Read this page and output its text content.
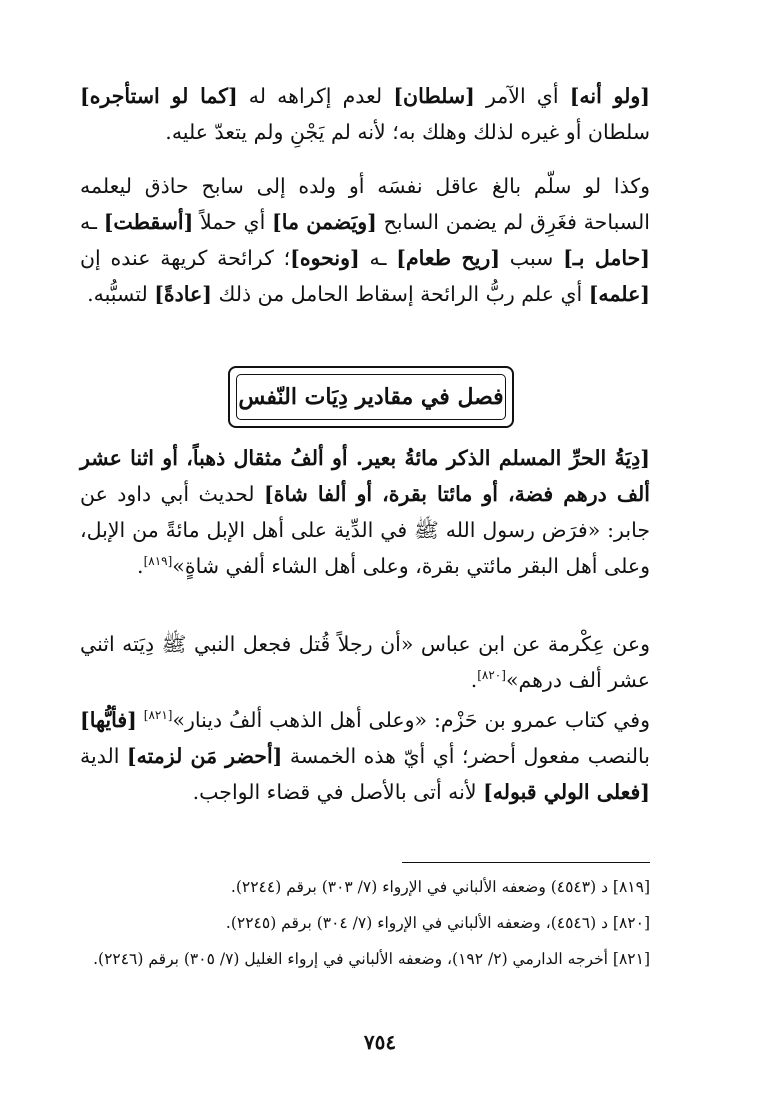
[ولو أنه] أي الآمر [سلطان] لعدم إكراهه له [كما لو استأجره] سلطان أو غيره لذلك وهلك به؛ لأنه لم يَجْنِ ولم يتعدّ عليه.

وكذا لو سلّم بالغ عاقل نفسَه أو ولده إلى سابح حاذق ليعلمه السباحة فغَرِق لم يضمن السابح [ويَضمن ما] أي حملاً [أسقطت] ـه [حامل بـ] سبب [ريح طعام] ـه [ونحوه]؛ كرائحة كريهة عنده إن [علمه] أي علم ربُّ الرائحة إسقاط الحامل من ذلك [عادةً] لتسبُّبه.

فصل في مقادير دِيَات النّفس

[دِيَةُ الحرِّ المسلم الذكر مائةُ بعير. أو ألفُ مثقال ذهباً، أو اثنا عشر ألف درهم فضة، أو مائتا بقرة، أو ألفا شاة] لحديث أبي داود عن جابر: «فرَض رسول الله ﷺ في الدِّية على أهل الإبل مائةً من الإبل، وعلى أهل البقر مائتي بقرة، وعلى أهل الشاء ألفي شاةٍ»[٨١٩].

وعن عِكْرمة عن ابن عباس «أن رجلاً قُتل فجعل النبي ﷺ دِيَته اثني عشر ألف درهم»[٨٢٠].

وفي كتاب عمرو بن حَزْم: «وعلى أهل الذهب ألفُ دينار»[٨٢١] [فأيُّها] بالنصب مفعول أحضر؛ أي أيّ هذه الخمسة [أحضر مَن لزمته] الدية [فعلى الولي قبوله] لأنه أتى بالأصل في قضاء الواجب.

[٨١٩] د (٤٥٤٣) وضعفه الألباني في الإرواء (٧/ ٣٠٣) برقم (٢٢٤٤).

[٨٢٠] د (٤٥٤٦)، وضعفه الألباني في الإرواء (٧/ ٣٠٤) برقم (٢٢٤٥).

[٨٢١] أخرجه الدارمي (٢/ ١٩٢)، وضعفه الألباني في إرواء الغليل (٧/ ٣٠٥) برقم (٢٢٤٦).

٧٥٤
